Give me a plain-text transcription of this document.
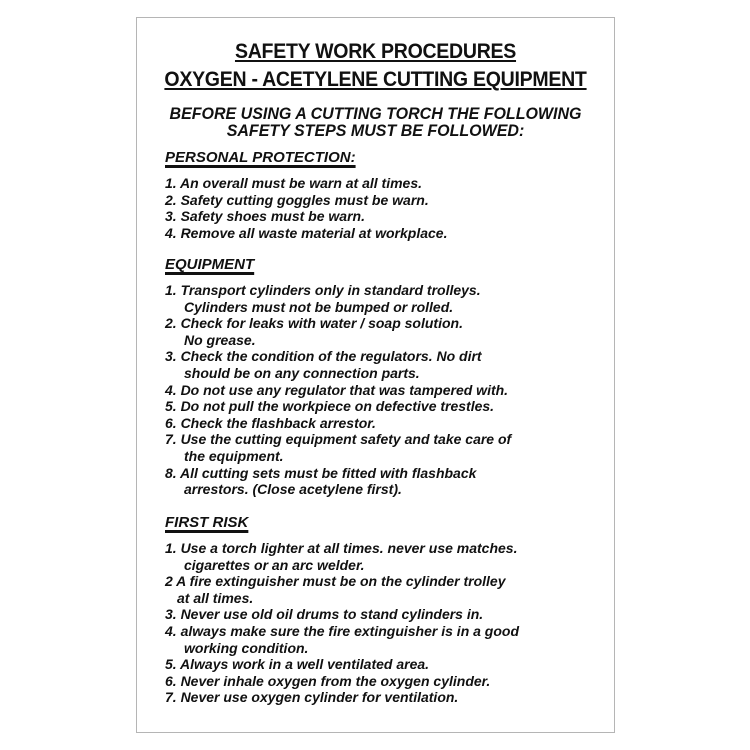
SAFETY WORK PROCEDURES
OXYGEN - ACETYLENE CUTTING EQUIPMENT
BEFORE USING A CUTTING TORCH THE FOLLOWING
SAFETY STEPS MUST BE FOLLOWED:
PERSONAL PROTECTION:
1. An overall must be warn at all times.
2. Safety cutting goggles must be warn.
3. Safety shoes must be warn.
4. Remove all waste material at workplace.
EQUIPMENT
1. Transport cylinders only in standard trolleys.
Cylinders must not be bumped or rolled.
2. Check for leaks with water / soap solution.
No grease.
3. Check the condition of the regulators. No dirt
should be on any connection parts.
4. Do not use any regulator that was tampered with.
5. Do not pull the workpiece on defective trestles.
6. Check the flashback arrestor.
7. Use the cutting equipment safety and take care of
the equipment.
8. All cutting sets must be fitted with flashback
arrestors. (Close acetylene first).
FIRST RISK
1. Use a torch lighter at all times. never use matches.
cigarettes or an arc welder.
2 A fire extinguisher must be on the cylinder trolley
at all times.
3. Never use old oil drums to stand cylinders in.
4. always make sure the fire extinguisher is in a good
working condition.
5. Always work in a well ventilated area.
6. Never inhale oxygen from the oxygen cylinder.
7. Never use oxygen cylinder for ventilation.
